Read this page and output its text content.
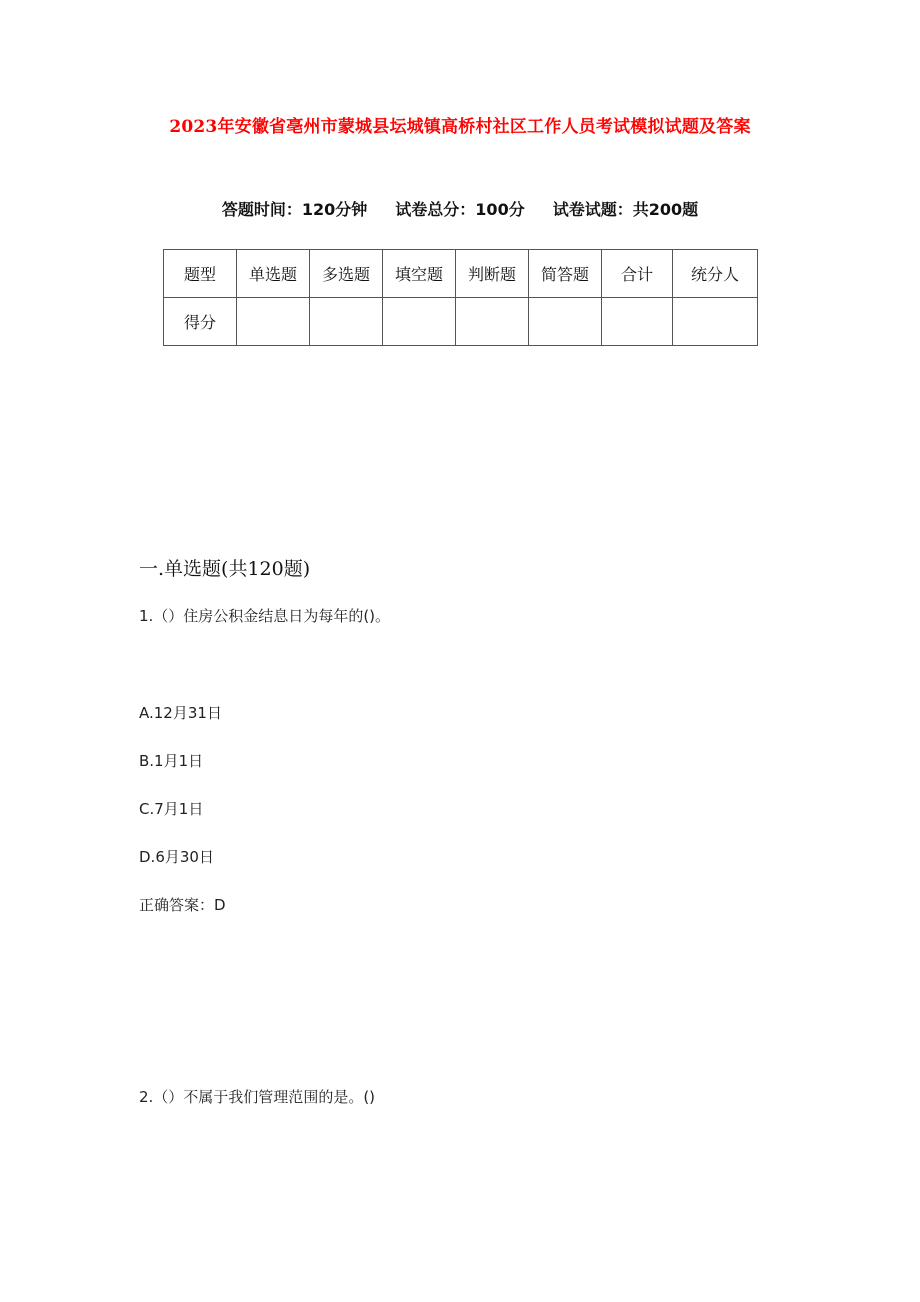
2023年安徽省亳州市蒙城县坛城镇高桥村社区工作人员考试模拟试题及答案
答题时间：120分钟 试卷总分：100分 试卷试题：共200题
题型	单选题	多选题	填空题	判断题	简答题	合计	统分人
得分							
一.单选题(共120题)
1.（）住房公积金结息日为每年的()。
A.12月31日
B.1月1日
C.7月1日
D.6月30日
正确答案：D
2.（）不属于我们管理范围的是。()
